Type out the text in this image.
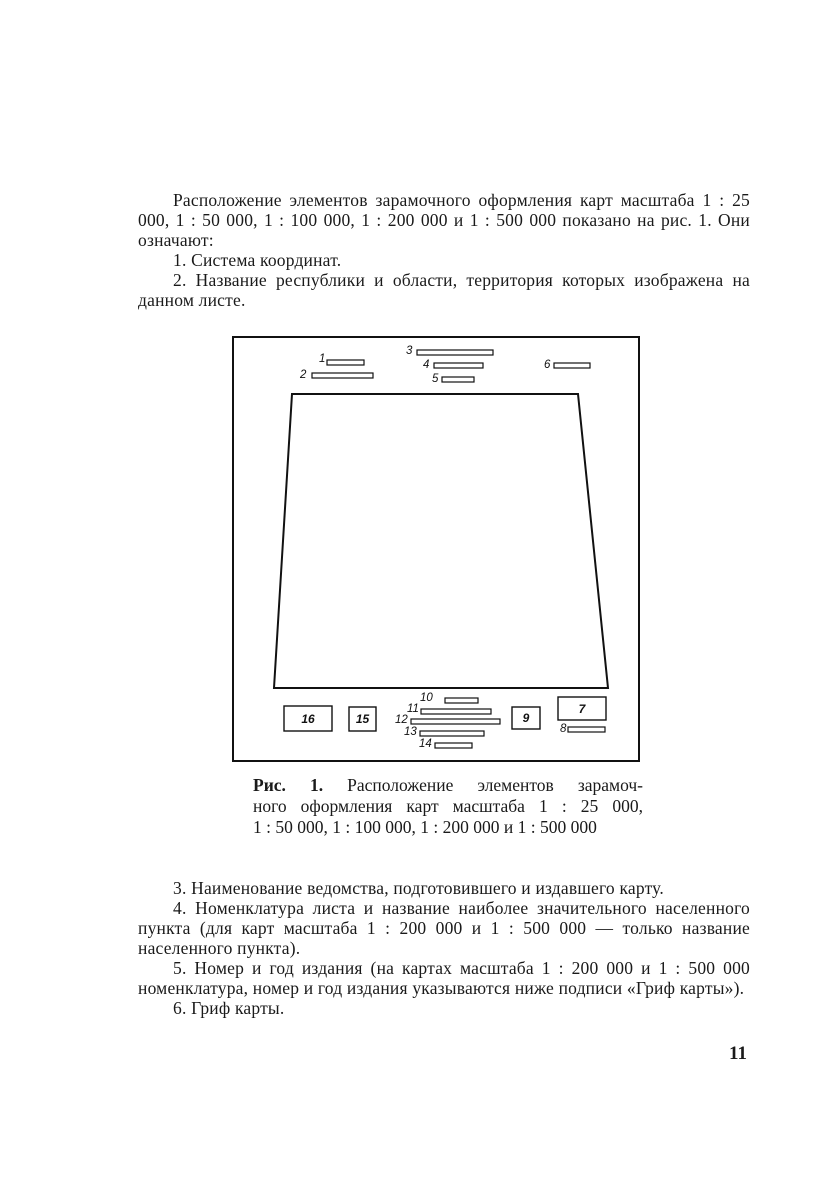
Расположение элементов зарамочного оформления карт масштаба 1 : 25 000, 1 : 50 000, 1 : 100 000, 1 : 200 000 и 1 : 500 000 показано на рис. 1. Они означают:

1. Система координат.

2. Название республики и области, территория которых изображена на данном листе.

1
2
3
4
5
6
10
11
12
13
14
8
16	15	9
7
Рис. 1. Расположение элементов зарамоч-
ного оформления карт масштаба 1 : 25 000,
1 : 50 000, 1 : 100 000, 1 : 200 000 и 1 : 500 000

3. Наименование ведомства, подготовившего и издавшего карту.

4. Номенклатура листа и название наиболее значительного населенного пункта (для карт масштаба 1 : 200 000 и 1 : 500 000 — только название населенного пункта).

5. Номер и год издания (на картах масштаба 1 : 200 000 и 1 : 500 000 номенклатура, номер и год издания указываются ниже подписи «Гриф карты»).

6. Гриф карты.

11
